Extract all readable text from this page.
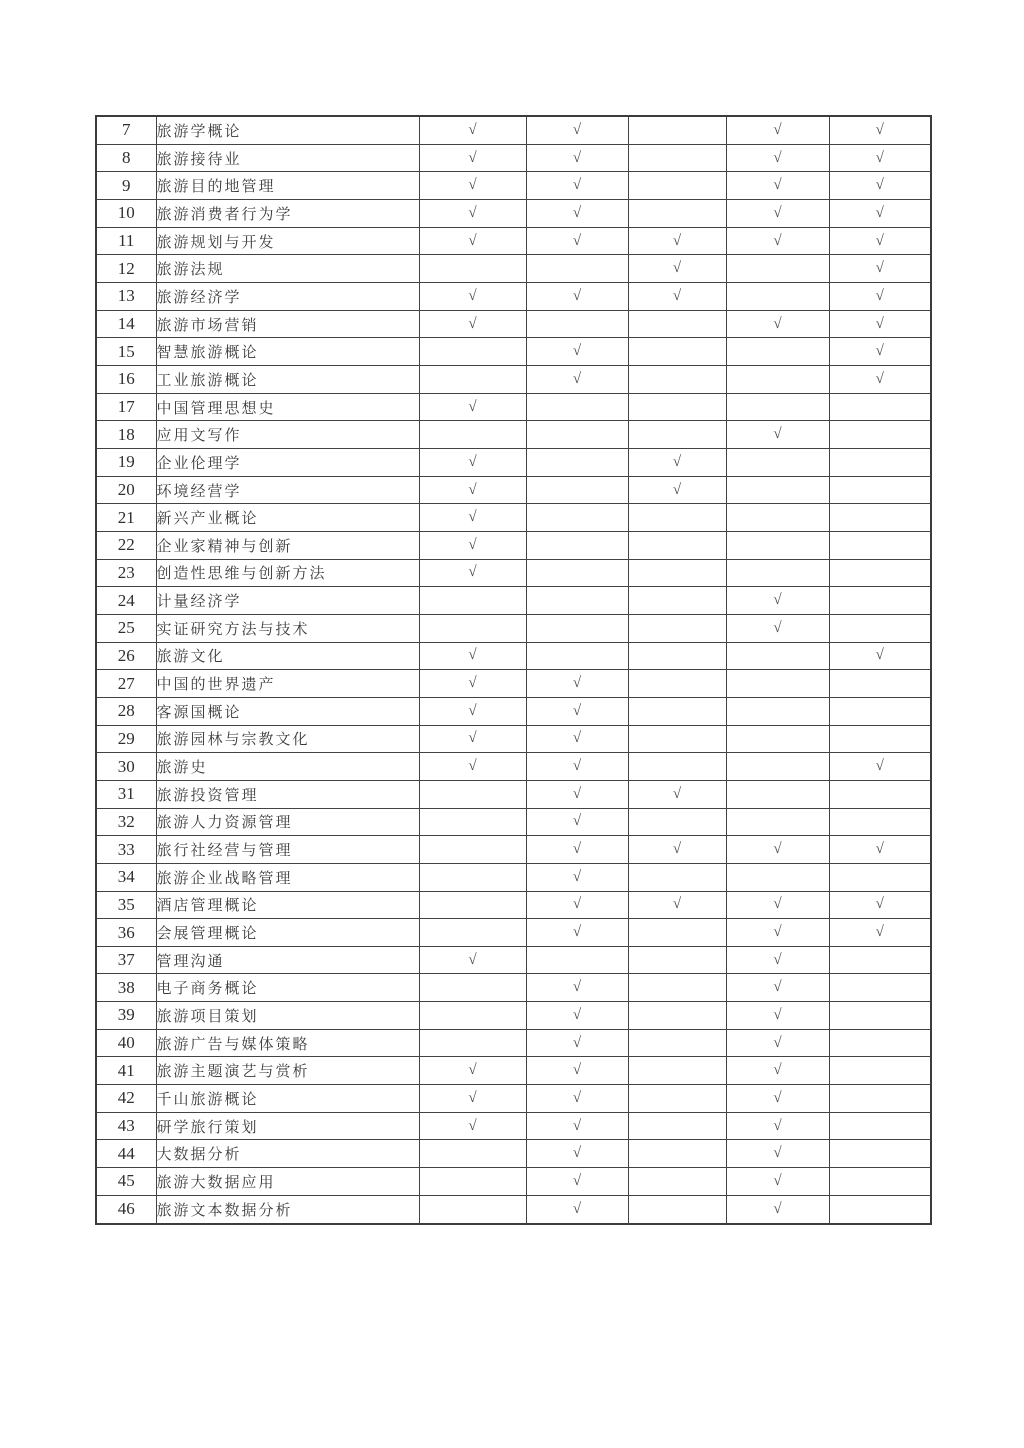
7	旅游学概论	√	√		√	√
8	旅游接待业	√	√		√	√
9	旅游目的地管理	√	√		√	√
10	旅游消费者行为学	√	√		√	√
11	旅游规划与开发	√	√	√	√	√
12	旅游法规			√		√
13	旅游经济学	√	√	√		√
14	旅游市场营销	√			√	√
15	智慧旅游概论		√			√
16	工业旅游概论		√			√
17	中国管理思想史	√				
18	应用文写作				√	
19	企业伦理学	√		√		
20	环境经营学	√		√		
21	新兴产业概论	√				
22	企业家精神与创新	√				
23	创造性思维与创新方法	√				
24	计量经济学				√	
25	实证研究方法与技术				√	
26	旅游文化	√				√
27	中国的世界遗产	√	√			
28	客源国概论	√	√			
29	旅游园林与宗教文化	√	√			
30	旅游史	√	√			√
31	旅游投资管理		√	√		
32	旅游人力资源管理		√			
33	旅行社经营与管理		√	√	√	√
34	旅游企业战略管理		√			
35	酒店管理概论		√	√	√	√
36	会展管理概论		√		√	√
37	管理沟通	√			√	
38	电子商务概论		√		√	
39	旅游项目策划		√		√	
40	旅游广告与媒体策略		√		√	
41	旅游主题演艺与赏析	√	√		√	
42	千山旅游概论	√	√		√	
43	研学旅行策划	√	√		√	
44	大数据分析		√		√	
45	旅游大数据应用		√		√	
46	旅游文本数据分析		√		√	
